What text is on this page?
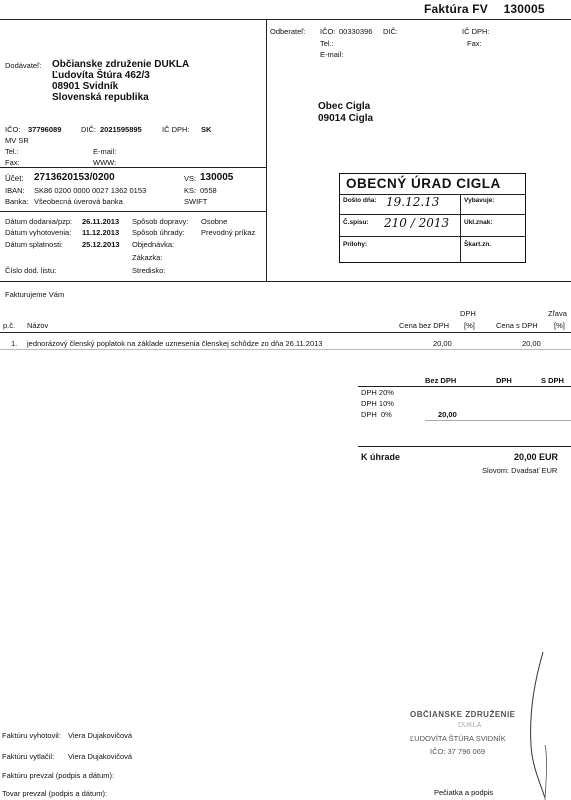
Faktúra FV 130005
Odberateľ: IČO: 00330396 DIČ:	IČ DPH:
Tel.:	Fax:
E-mail:
Obec Cigla
09014 Cigla
Dodávateľ: Občianske združenie DUKLA
Ľudovíta Štúra 462/3
08901 Svidník
Slovenská republika
IČO: 37796089	DIČ: 2021595895	IČ DPH: SK
MV SR
Tel.:	E-mail:
Fax:	WWW:
Účet: 2713620153/0200	VS: 130005
IBAN: SK86 0200 0000 0027 1362 0153	KS: 0558
Banka: Všeobecná úverová banka	SWIFT
Dátum dodania/pzp: 26.11.2013
Dátum vyhotovenia: 11.12.2013
Dátum splatnosti:	25.12.2013
Číslo dod. listu:
Spôsob dopravy: Osobne
Spôsob úhrady: Prevodný príkaz
Objednávka:
Zákazka:
Stredisko:
OBECNÝ ÚRAD CIGLA
Došlo dňa: 19.12.13	Vybavuje:
Č.spisu: 210 / 2013 Ukl.znak:
Prílohy:	Škart.zn.
Fakturujeme Vám
DPH	Zľava
p.č. Názov	Cena bez DPH [%]	Cena s DPH [%]
1. jednorázový členský poplatok na základe uznesenia členskej schôdze zo dňa 26.11.2013	20,00	20,00
Bez DPH	DPH	S DPH
DPH 20%
DPH 10%
DPH  0%	20,00
K úhrade	20,00 EUR
Slovom: Dvadsať EUR
Faktúru vyhotovil: Viera Dujakovičová
Faktúru vytlačil: Viera Dujakovičová
Faktúru prevzal (podpis a dátum):
Tovar prevzal (podpis a dátum):	Pečiatka a podpis
OBČIANSKE ZDRUŽENIE
DUKLA
ĽUDOVÍTA ŠTÚRA SVIDNÍK
IČO: 37 796 069
